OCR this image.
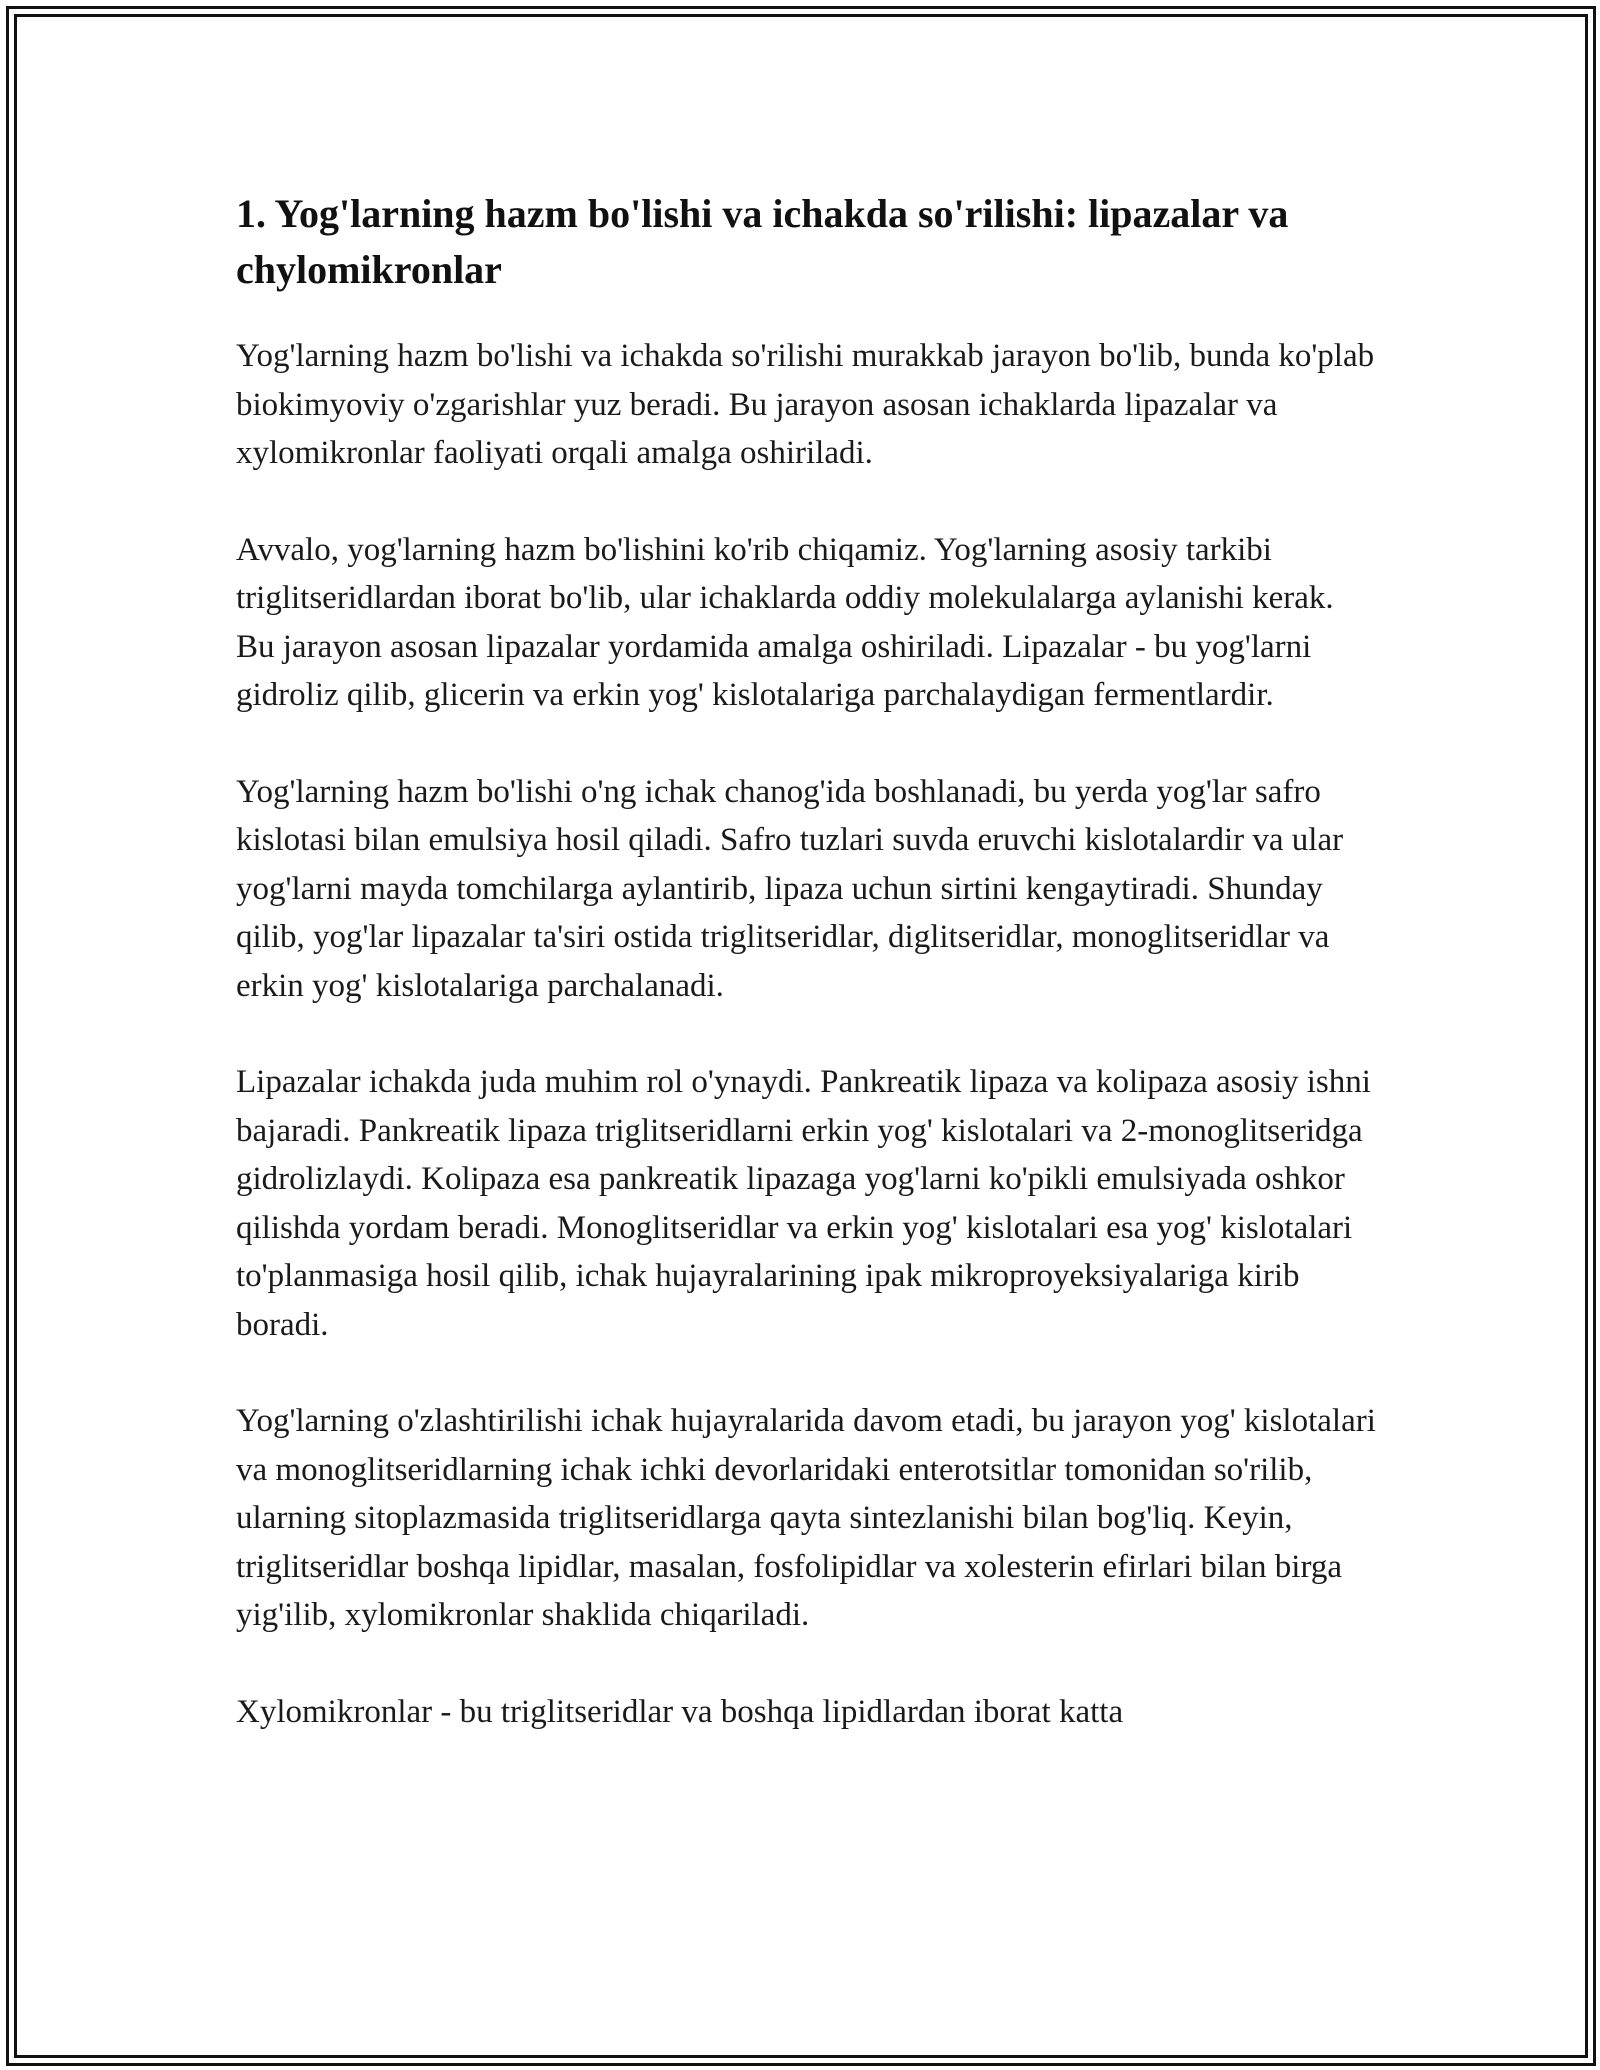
1. Yog'larning hazm bo'lishi va ichakda so'rilishi: lipazalar va chylomikronlar

Yog'larning hazm bo'lishi va ichakda so'rilishi murakkab jarayon bo'lib, bunda ko'plab biokimyoviy o'zgarishlar yuz beradi. Bu jarayon asosan ichaklarda lipazalar va xylomikronlar faoliyati orqali amalga oshiriladi.

Avvalo, yog'larning hazm bo'lishini ko'rib chiqamiz. Yog'larning asosiy tarkibi triglitseridlardan iborat bo'lib, ular ichaklarda oddiy molekulalarga aylanishi kerak. Bu jarayon asosan lipazalar yordamida amalga oshiriladi. Lipazalar - bu yog'larni gidroliz qilib, glicerin va erkin yog' kislotalariga parchalaydigan fermentlardir.

Yog'larning hazm bo'lishi o'ng ichak chanog'ida boshlanadi, bu yerda yog'lar safro kislotasi bilan emulsiya hosil qiladi. Safro tuzlari suvda eruvchi kislotalardir va ular yog'larni mayda tomchilarga aylantirib, lipaza uchun sirtini kengaytiradi. Shunday qilib, yog'lar lipazalar ta'siri ostida triglitseridlar, diglitseridlar, monoglitseridlar va erkin yog' kislotalariga parchalanadi.

Lipazalar ichakda juda muhim rol o'ynaydi. Pankreatik lipaza va kolipaza asosiy ishni bajaradi. Pankreatik lipaza triglitseridlarni erkin yog' kislotalari va 2-monoglitseridga gidrolizlaydi. Kolipaza esa pankreatik lipazaga yog'larni ko'pikli emulsiyada oshkor qilishda yordam beradi. Monoglitseridlar va erkin yog' kislotalari esa yog' kislotalari to'planmasiga hosil qilib, ichak hujayralarining ipak mikroproyeksiyalariga kirib boradi.

Yog'larning o'zlashtirilishi ichak hujayralarida davom etadi, bu jarayon yog' kislotalari va monoglitseridlarning ichak ichki devorlaridaki enterotsitlar tomonidan so'rilib, ularning sitoplazmasida triglitseridlarga qayta sintezlanishi bilan bog'liq. Keyin, triglitseridlar boshqa lipidlar, masalan, fosfolipidlar va xolesterin efirlari bilan birga yig'ilib, xylomikronlar shaklida chiqariladi.

Xylomikronlar - bu triglitseridlar va boshqa lipidlardan iborat katta
